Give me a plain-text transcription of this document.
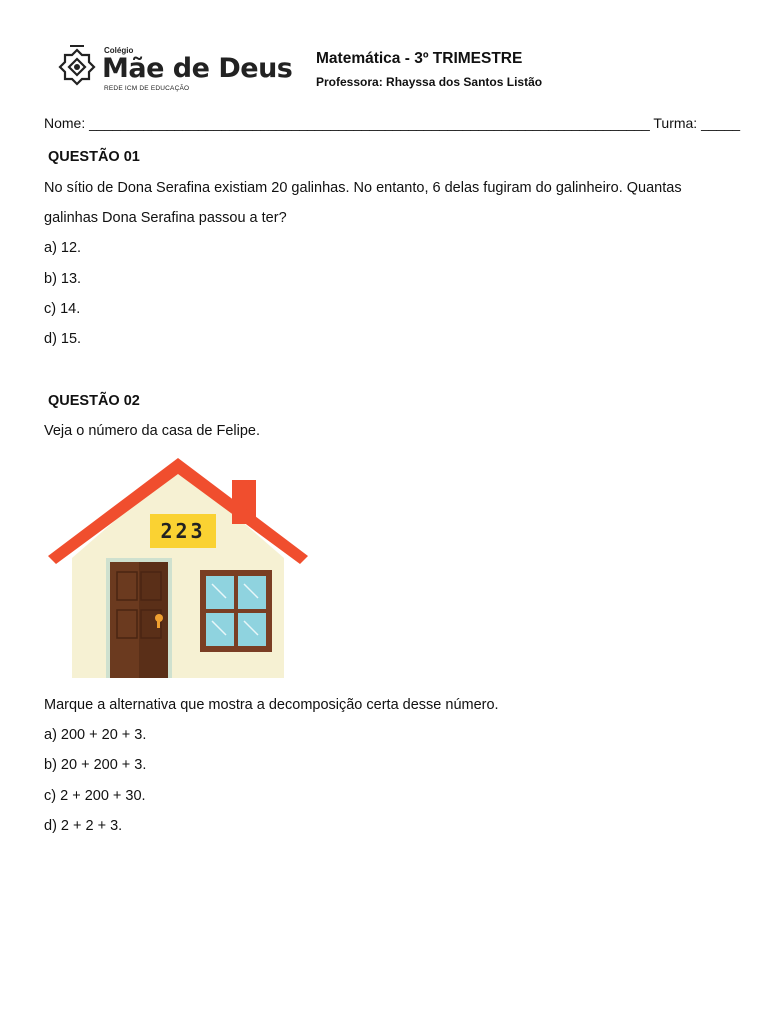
Colégio
Mãe de Deus
REDE ICM DE EDUCAÇÃO
Matemática - 3º TRIMESTRE
Professora: Rhayssa dos Santos Listão
Nome: ________________________________________________________________________ Turma: _____
QUESTÃO 01
No sítio de Dona Serafina existiam 20 galinhas. No entanto, 6 delas fugiram do galinheiro. Quantas
galinhas Dona Serafina passou a ter?
a) 12.
b) 13.
c) 14.
d) 15.
QUESTÃO 02
Veja o número da casa de Felipe.
223
Marque a alternativa que mostra a decomposição certa desse número.
a) 200 + 20 + 3.
b) 20 + 200 + 3.
c) 2 + 200 + 30.
d) 2 + 2 + 3.
